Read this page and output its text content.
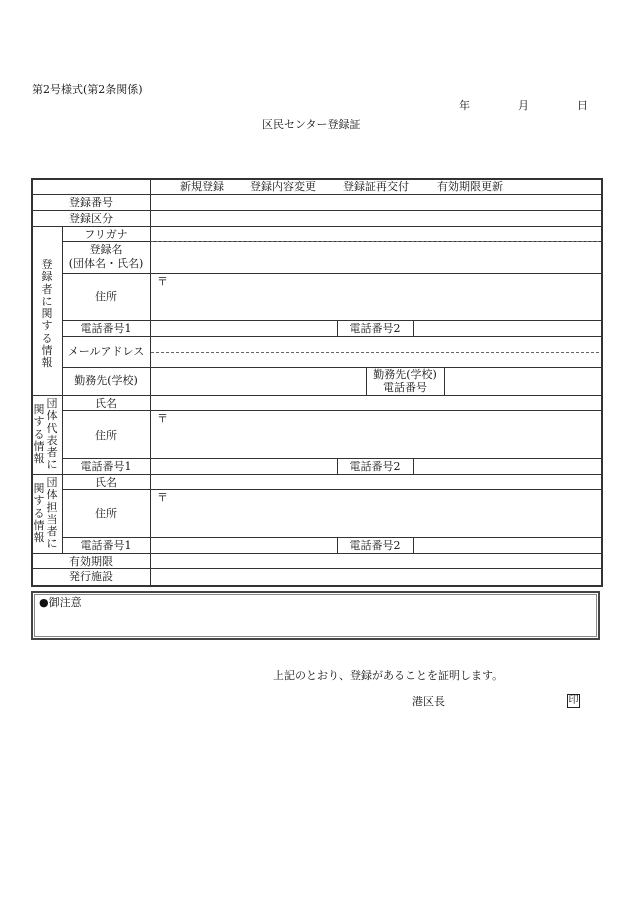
第2号様式(第2条関係)
年	月	日
区民センター登録証
新規登録 登録内容変更 登録証再交付	有効期限更新
登録番号
登録区分
登録者に関する情報
フリガナ
登録名
(団体名・氏名)
住所
〒
電話番号1	電話番号2
メールアドレス
勤務先(学校)	勤務先(学校)
電話番号
団体代表者に
関する情報
氏名
住所
〒
電話番号1	電話番号2
団体担当者に
関する情報
氏名
住所
〒
電話番号1	電話番号2
有効期限
発行施設
●御注意
上記のとおり、登録があることを証明します。
港区長	印
